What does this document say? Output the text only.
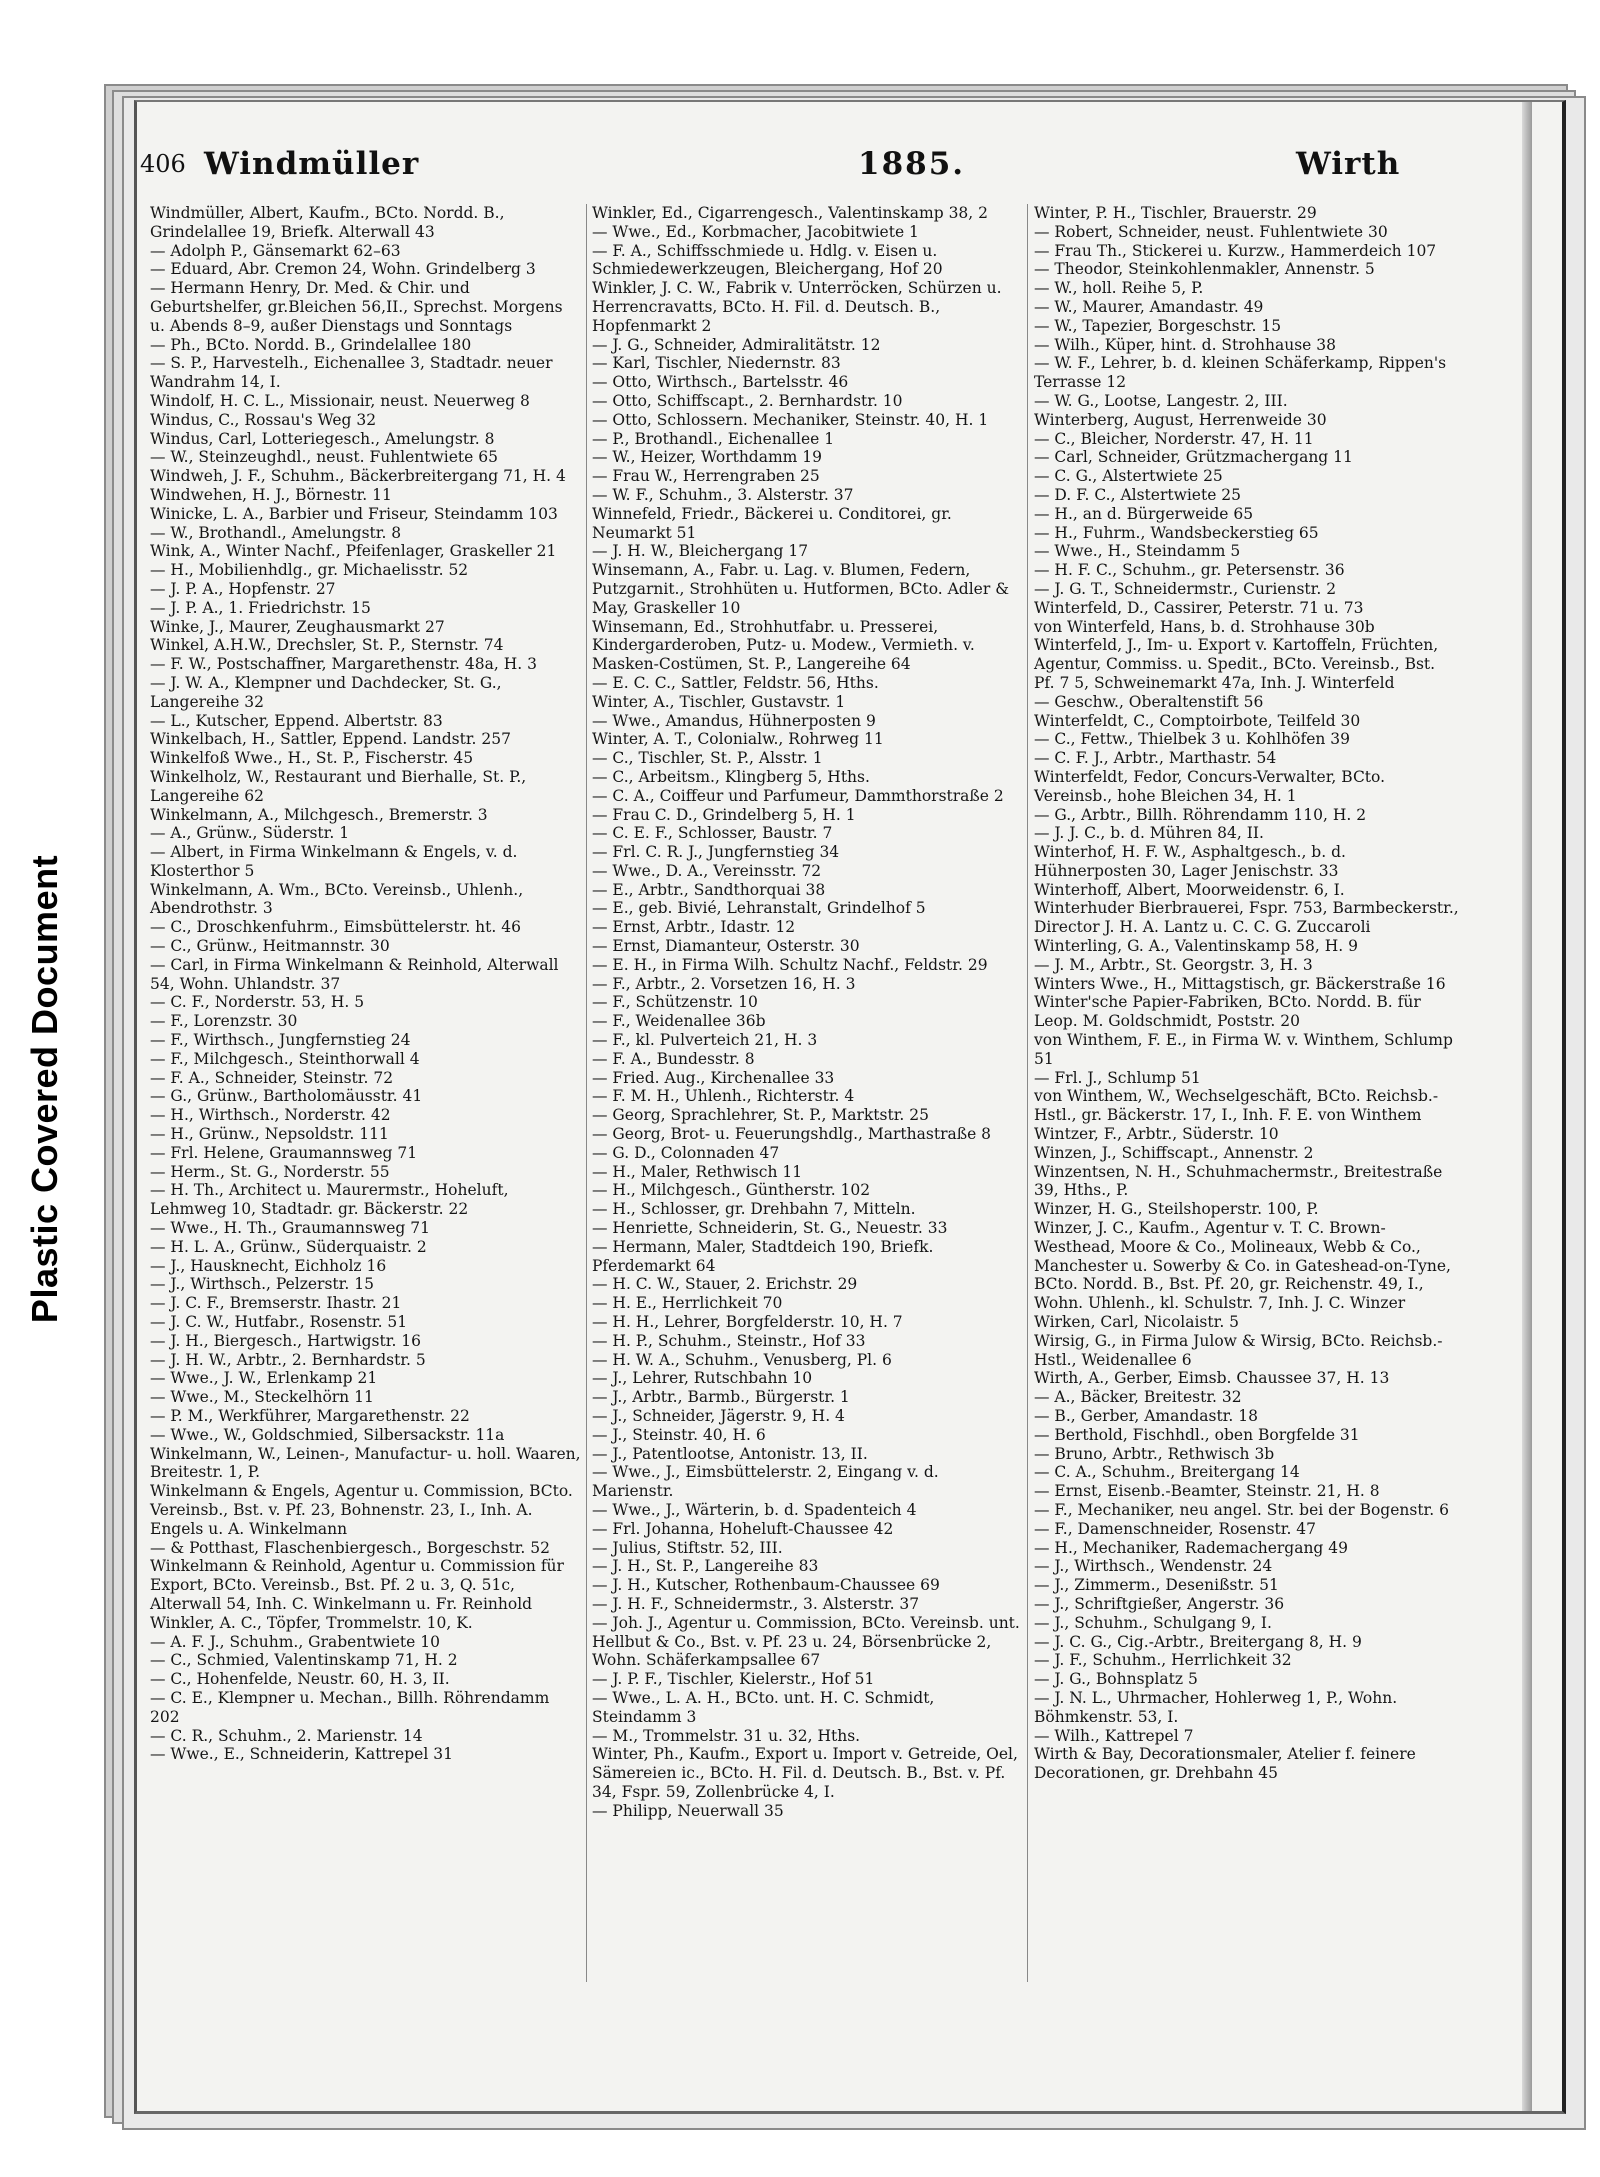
Plastic Covered Document
406 Windmüller	1885.	Wirth

Windmüller, Albert, Kaufm., BCto. Nordd. B., Grindelallee 19, Briefk. Alterwall 43

— Adolph P., Gänsemarkt 62–63

— Eduard, Abr. Cremon 24, Wohn. Grindelberg 3

— Hermann Henry, Dr. Med. & Chir. und Geburtshelfer, gr.Bleichen 56,II., Sprechst. Morgens u. Abends 8–9, außer Dienstags und Sonntags

— Ph., BCto. Nordd. B., Grindelallee 180

— S. P., Harvestelh., Eichenallee 3, Stadtadr. neuer Wandrahm 14, I.

Windolf, H. C. L., Missionair, neust. Neuerweg 8

Windus, C., Rossau's Weg 32

Windus, Carl, Lotteriegesch., Amelungstr. 8

— W., Steinzeughdl., neust. Fuhlentwiete 65

Windweh, J. F., Schuhm., Bäckerbreitergang 71, H. 4

Windwehen, H. J., Börnestr. 11

Winicke, L. A., Barbier und Friseur, Steindamm 103

— W., Brothandl., Amelungstr. 8

Wink, A., Winter Nachf., Pfeifenlager, Graskeller 21

— H., Mobilienhdlg., gr. Michaelisstr. 52

— J. P. A., Hopfenstr. 27

— J. P. A., 1. Friedrichstr. 15

Winke, J., Maurer, Zeughausmarkt 27

Winkel, A.H.W., Drechsler, St. P., Sternstr. 74

— F. W., Postschaffner, Margarethenstr. 48a, H. 3

— J. W. A., Klempner und Dachdecker, St. G., Langereihe 32

— L., Kutscher, Eppend. Albertstr. 83

Winkelbach, H., Sattler, Eppend. Landstr. 257

Winkelfoß Wwe., H., St. P., Fischerstr. 45

Winkelholz, W., Restaurant und Bierhalle, St. P., Langereihe 62

Winkelmann, A., Milchgesch., Bremerstr. 3

— A., Grünw., Süderstr. 1

— Albert, in Firma Winkelmann & Engels, v. d. Klosterthor 5

Winkelmann, A. Wm., BCto. Vereinsb., Uhlenh., Abendrothstr. 3

— C., Droschkenfuhrm., Eimsbüttelerstr. ht. 46

— C., Grünw., Heitmannstr. 30

— Carl, in Firma Winkelmann & Reinhold, Alterwall 54, Wohn. Uhlandstr. 37

— C. F., Norderstr. 53, H. 5

— F., Lorenzstr. 30

— F., Wirthsch., Jungfernstieg 24

— F., Milchgesch., Steinthorwall 4

— F. A., Schneider, Steinstr. 72

— G., Grünw., Bartholomäusstr. 41

— H., Wirthsch., Norderstr. 42

— H., Grünw., Nepsoldstr. 111

— Frl. Helene, Graumannsweg 71

— Herm., St. G., Norderstr. 55

— H. Th., Architect u. Maurermstr., Hoheluft, Lehmweg 10, Stadtadr. gr. Bäckerstr. 22

— Wwe., H. Th., Graumannsweg 71

— H. L. A., Grünw., Süderquaistr. 2

— J., Hausknecht, Eichholz 16

— J., Wirthsch., Pelzerstr. 15

— J. C. F., Bremserstr. Ihastr. 21

— J. C. W., Hutfabr., Rosenstr. 51

— J. H., Biergesch., Hartwigstr. 16

— J. H. W., Arbtr., 2. Bernhardstr. 5

— Wwe., J. W., Erlenkamp 21

— Wwe., M., Steckelhörn 11

— P. M., Werkführer, Margarethenstr. 22

— Wwe., W., Goldschmied, Silbersackstr. 11a

Winkelmann, W., Leinen-, Manufactur- u. holl. Waaren, Breitestr. 1, P.

Winkelmann & Engels, Agentur u. Commission, BCto. Vereinsb., Bst. v. Pf. 23, Bohnenstr. 23, I., Inh. A. Engels u. A. Winkelmann

— & Potthast, Flaschenbiergesch., Borgeschstr. 52

Winkelmann & Reinhold, Agentur u. Commission für Export, BCto. Vereinsb., Bst. Pf. 2 u. 3, Q. 51c, Alterwall 54, Inh. C. Winkelmann u. Fr. Reinhold

Winkler, A. C., Töpfer, Trommelstr. 10, K.

— A. F. J., Schuhm., Grabentwiete 10

— C., Schmied, Valentinskamp 71, H. 2

— C., Hohenfelde, Neustr. 60, H. 3, II.

— C. E., Klempner u. Mechan., Billh. Röhrendamm 202

— C. R., Schuhm., 2. Marienstr. 14

— Wwe., E., Schneiderin, Kattrepel 31

Winkler, Ed., Cigarrengesch., Valentinskamp 38, 2

— Wwe., Ed., Korbmacher, Jacobitwiete 1

— F. A., Schiffsschmiede u. Hdlg. v. Eisen u. Schmiedewerkzeugen, Bleichergang, Hof 20

Winkler, J. C. W., Fabrik v. Unterröcken, Schürzen u. Herrencravatts, BCto. H. Fil. d. Deutsch. B., Hopfenmarkt 2

— J. G., Schneider, Admiralitätstr. 12

— Karl, Tischler, Niedernstr. 83

— Otto, Wirthsch., Bartelsstr. 46

— Otto, Schiffscapt., 2. Bernhardstr. 10

— Otto, Schlossern. Mechaniker, Steinstr. 40, H. 1

— P., Brothandl., Eichenallee 1

— W., Heizer, Worthdamm 19

— Frau W., Herrengraben 25

— W. F., Schuhm., 3. Alsterstr. 37

Winnefeld, Friedr., Bäckerei u. Conditorei, gr. Neumarkt 51

— J. H. W., Bleichergang 17

Winsemann, A., Fabr. u. Lag. v. Blumen, Federn, Putzgarnit., Strohhüten u. Hutformen, BCto. Adler & May, Graskeller 10

Winsemann, Ed., Strohhutfabr. u. Presserei, Kindergarderoben, Putz- u. Modew., Vermieth. v. Masken-Costümen, St. P., Langereihe 64

— E. C. C., Sattler, Feldstr. 56, Hths.

Winter, A., Tischler, Gustavstr. 1

— Wwe., Amandus, Hühnerposten 9

Winter, A. T., Colonialw., Rohrweg 11

— C., Tischler, St. P., Alsstr. 1

— C., Arbeitsm., Klingberg 5, Hths.

— C. A., Coiffeur und Parfumeur, Dammthorstraße 2

— Frau C. D., Grindelberg 5, H. 1

— C. E. F., Schlosser, Baustr. 7

— Frl. C. R. J., Jungfernstieg 34

— Wwe., D. A., Vereinsstr. 72

— E., Arbtr., Sandthorquai 38

— E., geb. Bivié, Lehranstalt, Grindelhof 5

— Ernst, Arbtr., Idastr. 12

— Ernst, Diamanteur, Osterstr. 30

— E. H., in Firma Wilh. Schultz Nachf., Feldstr. 29

— F., Arbtr., 2. Vorsetzen 16, H. 3

— F., Schützenstr. 10

— F., Weidenallee 36b

— F., kl. Pulverteich 21, H. 3

— F. A., Bundesstr. 8

— Fried. Aug., Kirchenallee 33

— F. M. H., Uhlenh., Richterstr. 4

— Georg, Sprachlehrer, St. P., Marktstr. 25

— Georg, Brot- u. Feuerungshdlg., Marthastraße 8

— G. D., Colonnaden 47

— H., Maler, Rethwisch 11

— H., Milchgesch., Güntherstr. 102

— H., Schlosser, gr. Drehbahn 7, Mitteln.

— Henriette, Schneiderin, St. G., Neuestr. 33

— Hermann, Maler, Stadtdeich 190, Briefk. Pferdemarkt 64

— H. C. W., Stauer, 2. Erichstr. 29

— H. E., Herrlichkeit 70

— H. H., Lehrer, Borgfelderstr. 10, H. 7

— H. P., Schuhm., Steinstr., Hof 33

— H. W. A., Schuhm., Venusberg, Pl. 6

— J., Lehrer, Rutschbahn 10

— J., Arbtr., Barmb., Bürgerstr. 1

— J., Schneider, Jägerstr. 9, H. 4

— J., Steinstr. 40, H. 6

— J., Patentlootse, Antonistr. 13, II.

— Wwe., J., Eimsbüttelerstr. 2, Eingang v. d. Marienstr.

— Wwe., J., Wärterin, b. d. Spadenteich 4

— Frl. Johanna, Hoheluft-Chaussee 42

— Julius, Stiftstr. 52, III.

— J. H., St. P., Langereihe 83

— J. H., Kutscher, Rothenbaum-Chaussee 69

— J. H. F., Schneidermstr., 3. Alsterstr. 37

— Joh. J., Agentur u. Commission, BCto. Vereinsb. unt. Hellbut & Co., Bst. v. Pf. 23 u. 24, Börsenbrücke 2, Wohn. Schäferkampsallee 67

— J. P. F., Tischler, Kielerstr., Hof 51

— Wwe., L. A. H., BCto. unt. H. C. Schmidt, Steindamm 3

— M., Trommelstr. 31 u. 32, Hths.

Winter, Ph., Kaufm., Export u. Import v. Getreide, Oel, Sämereien ic., BCto. H. Fil. d. Deutsch. B., Bst. v. Pf. 34, Fspr. 59, Zollenbrücke 4, I.

— Philipp, Neuerwall 35

Winter, P. H., Tischler, Brauerstr. 29

— Robert, Schneider, neust. Fuhlentwiete 30

— Frau Th., Stickerei u. Kurzw., Hammerdeich 107

— Theodor, Steinkohlenmakler, Annenstr. 5

— W., holl. Reihe 5, P.

— W., Maurer, Amandastr. 49

— W., Tapezier, Borgeschstr. 15

— Wilh., Küper, hint. d. Strohhause 38

— W. F., Lehrer, b. d. kleinen Schäferkamp, Rippen's Terrasse 12

— W. G., Lootse, Langestr. 2, III.

Winterberg, August, Herrenweide 30

— C., Bleicher, Norderstr. 47, H. 11

— Carl, Schneider, Grützmachergang 11

— C. G., Alstertwiete 25

— D. F. C., Alstertwiete 25

— H., an d. Bürgerweide 65

— H., Fuhrm., Wandsbeckerstieg 65

— Wwe., H., Steindamm 5

— H. F. C., Schuhm., gr. Petersenstr. 36

— J. G. T., Schneidermstr., Curienstr. 2

Winterfeld, D., Cassirer, Peterstr. 71 u. 73

von Winterfeld, Hans, b. d. Strohhause 30b

Winterfeld, J., Im- u. Export v. Kartoffeln, Früchten, Agentur, Commiss. u. Spedit., BCto. Vereinsb., Bst. Pf. 7 5, Schweinemarkt 47a, Inh. J. Winterfeld

— Geschw., Oberaltenstift 56

Winterfeldt, C., Comptoirbote, Teilfeld 30

— C., Fettw., Thielbek 3 u. Kohlhöfen 39

— C. F. J., Arbtr., Marthastr. 54

Winterfeldt, Fedor, Concurs-Verwalter, BCto. Vereinsb., hohe Bleichen 34, H. 1

— G., Arbtr., Billh. Röhrendamm 110, H. 2

— J. J. C., b. d. Mühren 84, II.

Winterhof, H. F. W., Asphaltgesch., b. d. Hühnerposten 30, Lager Jenischstr. 33

Winterhoff, Albert, Moorweidenstr. 6, I.

Winterhuder Bierbrauerei, Fspr. 753, Barmbeckerstr., Director J. H. A. Lantz u. C. C. G. Zuccaroli

Winterling, G. A., Valentinskamp 58, H. 9

— J. M., Arbtr., St. Georgstr. 3, H. 3

Winters Wwe., H., Mittagstisch, gr. Bäckerstraße 16

Winter'sche Papier-Fabriken, BCto. Nordd. B. für Leop. M. Goldschmidt, Poststr. 20

von Winthem, F. E., in Firma W. v. Winthem, Schlump 51

— Frl. J., Schlump 51

von Winthem, W., Wechselgeschäft, BCto. Reichsb.-Hstl., gr. Bäckerstr. 17, I., Inh. F. E. von Winthem

Wintzer, F., Arbtr., Süderstr. 10

Winzen, J., Schiffscapt., Annenstr. 2

Winzentsen, N. H., Schuhmachermstr., Breitestraße 39, Hths., P.

Winzer, H. G., Steilshoperstr. 100, P.

Winzer, J. C., Kaufm., Agentur v. T. C. Brown-Westhead, Moore & Co., Molineaux, Webb & Co., Manchester u. Sowerby & Co. in Gateshead-on-Tyne, BCto. Nordd. B., Bst. Pf. 20, gr. Reichenstr. 49, I., Wohn. Uhlenh., kl. Schulstr. 7, Inh. J. C. Winzer

Wirken, Carl, Nicolaistr. 5

Wirsig, G., in Firma Julow & Wirsig, BCto. Reichsb.-Hstl., Weidenallee 6

Wirth, A., Gerber, Eimsb. Chaussee 37, H. 13

— A., Bäcker, Breitestr. 32

— B., Gerber, Amandastr. 18

— Berthold, Fischhdl., oben Borgfelde 31

— Bruno, Arbtr., Rethwisch 3b

— C. A., Schuhm., Breitergang 14

— Ernst, Eisenb.-Beamter, Steinstr. 21, H. 8

— F., Mechaniker, neu angel. Str. bei der Bogenstr. 6

— F., Damenschneider, Rosenstr. 47

— H., Mechaniker, Rademachergang 49

— J., Wirthsch., Wendenstr. 24

— J., Zimmerm., Desenißstr. 51

— J., Schriftgießer, Angerstr. 36

— J., Schuhm., Schulgang 9, I.

— J. C. G., Cig.-Arbtr., Breitergang 8, H. 9

— J. F., Schuhm., Herrlichkeit 32

— J. G., Bohnsplatz 5

— J. N. L., Uhrmacher, Hohlerweg 1, P., Wohn. Böhmkenstr. 53, I.

— Wilh., Kattrepel 7

Wirth & Bay, Decorationsmaler, Atelier f. feinere Decorationen, gr. Drehbahn 45
